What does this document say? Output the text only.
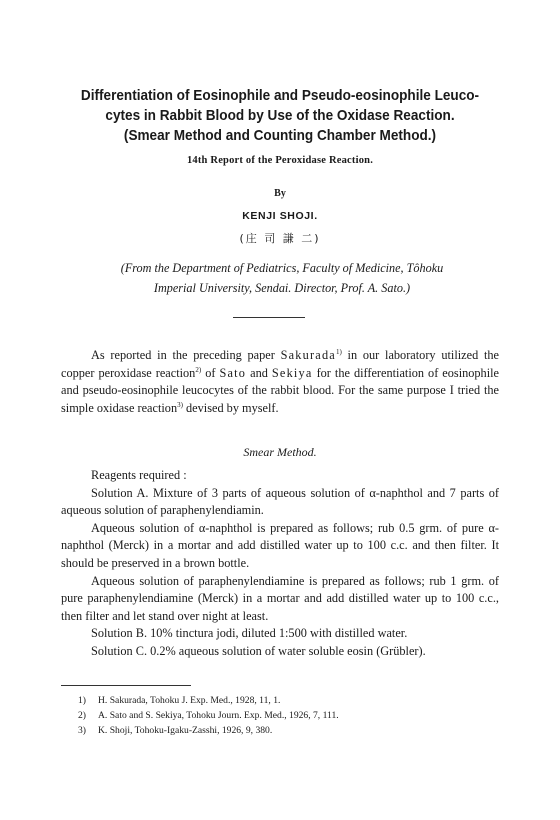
Differentiation of Eosinophile and Pseudo-eosinophile Leuco-
cytes in Rabbit Blood by Use of the Oxidase Reaction.
(Smear Method and Counting Chamber Method.)
14th Report of the Peroxidase Reaction.
By
KENJI SHOJI.
(庄 司 謙 二)
(From the Department of Pediatrics, Faculty of Medicine, Tôhoku
Imperial University, Sendai. Director, Prof. A. Sato.)

As reported in the preceding paper Sakurada$^{1)}$ in our laboratory utilized the copper peroxidase reaction$^{2)}$ of Sato and Sekiya for the differentiation of eosinophile and pseudo-eosinophile leucocytes of the rabbit blood. For the same purpose I tried the simple oxidase reaction$^{3)}$ devised by myself.

Smear Method.

Reagents required :

Solution A. Mixture of 3 parts of aqueous solution of α-naphthol and 7 parts of aqueous solution of paraphenylendiamin.

Aqueous solution of α-naphthol is prepared as follows; rub 0.5 grm. of pure α-naphthol (Merck) in a mortar and add distilled water up to 100 c.c. and then filter. It should be preserved in a brown bottle.

Aqueous solution of paraphenylendiamine is prepared as follows; rub 1 grm. of pure paraphenylendiamine (Merck) in a mortar and add distilled water up to 100 c.c., then filter and let stand over night at least.

Solution B. 10% tinctura jodi, diluted 1:500 with distilled water.

Solution C. 0.2% aqueous solution of water soluble eosin (Grübler).

1)	H. Sakurada, Tohoku J. Exp. Med., 1928, 11, 1.
2)	A. Sato and S. Sekiya, Tohoku Journ. Exp. Med., 1926, 7, 111.
3)	K. Shoji, Tohoku-Igaku-Zasshi, 1926, 9, 380.
